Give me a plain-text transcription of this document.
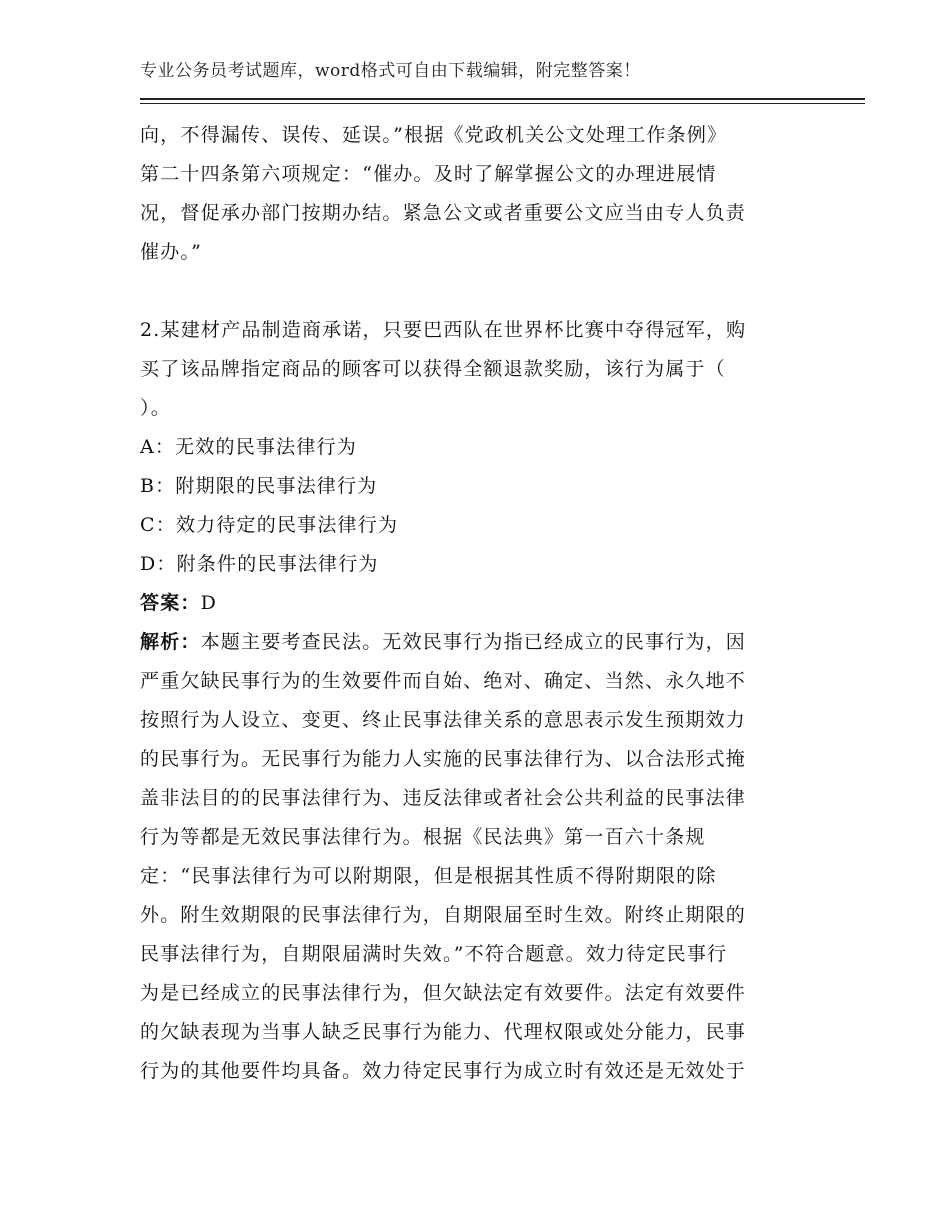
专业公务员考试题库，word格式可自由下载编辑，附完整答案！
向，不得漏传、误传、延误。”根据《党政机关公文处理工作条例》
第二十四条第六项规定：“催办。及时了解掌握公文的办理进展情
况，督促承办部门按期办结。紧急公文或者重要公文应当由专人负责
催办。”
2.某建材产品制造商承诺，只要巴西队在世界杯比赛中夺得冠军，购
买了该品牌指定商品的顾客可以获得全额退款奖励，该行为属于（
）。
A：无效的民事法律行为
B：附期限的民事法律行为
C：效力待定的民事法律行为
D：附条件的民事法律行为
答案：D
解析：本题主要考查民法。无效民事行为指已经成立的民事行为，因
严重欠缺民事行为的生效要件而自始、绝对、确定、当然、永久地不
按照行为人设立、变更、终止民事法律关系的意思表示发生预期效力
的民事行为。无民事行为能力人实施的民事法律行为、以合法形式掩
盖非法目的的民事法律行为、违反法律或者社会公共利益的民事法律
行为等都是无效民事法律行为。根据《民法典》第一百六十条规
定：“民事法律行为可以附期限，但是根据其性质不得附期限的除
外。附生效期限的民事法律行为，自期限届至时生效。附终止期限的
民事法律行为，自期限届满时失效。”不符合题意。效力待定民事行
为是已经成立的民事法律行为，但欠缺法定有效要件。法定有效要件
的欠缺表现为当事人缺乏民事行为能力、代理权限或处分能力，民事
行为的其他要件均具备。效力待定民事行为成立时有效还是无效处于
